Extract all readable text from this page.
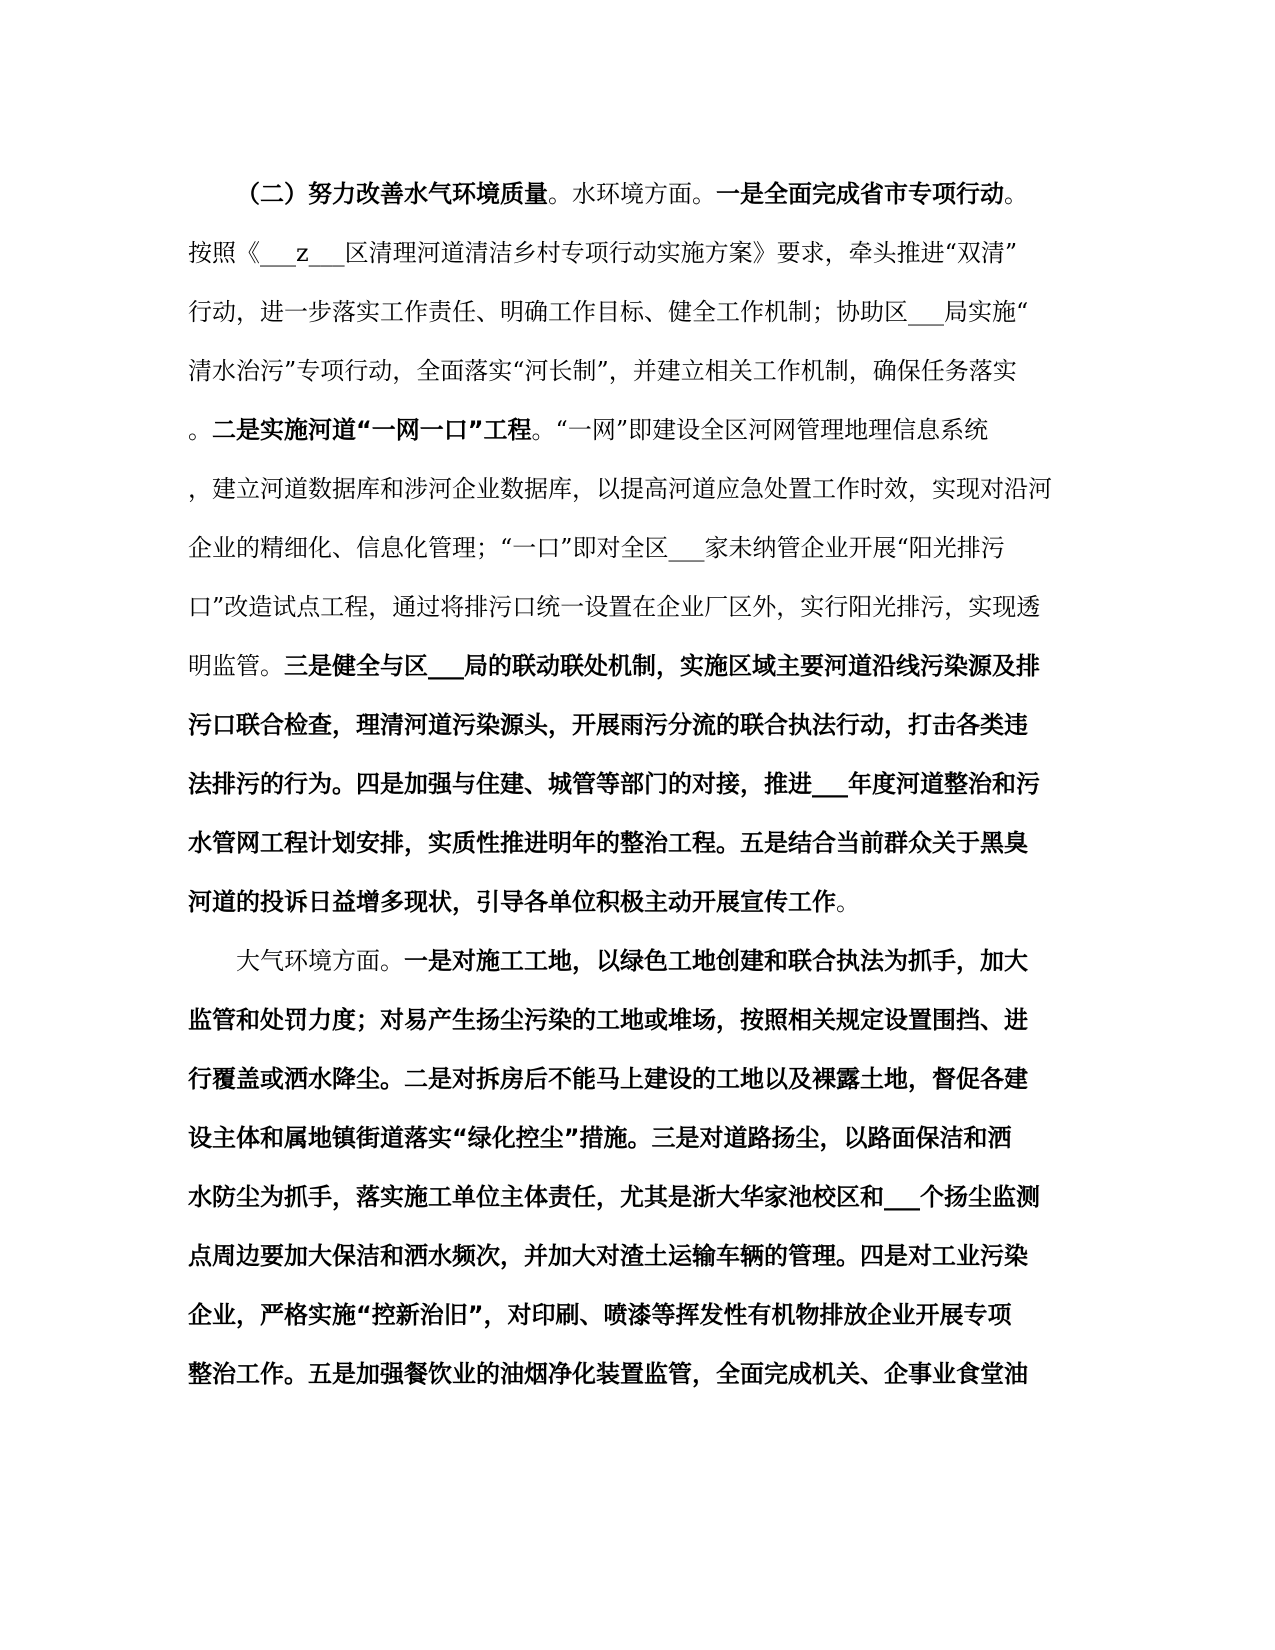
（二）努力改善水气环境质量。水环境方面。一是全面完成省市专项行动。
按照《___z___区清理河道清洁乡村专项行动实施方案》要求，牵头推进“双清”
行动，进一步落实工作责任、明确工作目标、健全工作机制；协助区___局实施“
清水治污”专项行动，全面落实“河长制”，并建立相关工作机制，确保任务落实
。二是实施河道“一网一口”工程。“一网”即建设全区河网管理地理信息系统
，建立河道数据库和涉河企业数据库，以提高河道应急处置工作时效，实现对沿河
企业的精细化、信息化管理；“一口”即对全区___家未纳管企业开展“阳光排污
口”改造试点工程，通过将排污口统一设置在企业厂区外，实行阳光排污，实现透
明监管。三是健全与区___局的联动联处机制，实施区域主要河道沿线污染源及排
污口联合检查，理清河道污染源头，开展雨污分流的联合执法行动，打击各类违
法排污的行为。四是加强与住建、城管等部门的对接，推进___年度河道整治和污
水管网工程计划安排，实质性推进明年的整治工程。五是结合当前群众关于黑臭
河道的投诉日益增多现状，引导各单位积极主动开展宣传工作。
大气环境方面。一是对施工工地，以绿色工地创建和联合执法为抓手，加大
监管和处罚力度；对易产生扬尘污染的工地或堆场，按照相关规定设置围挡、进
行覆盖或洒水降尘。二是对拆房后不能马上建设的工地以及裸露土地，督促各建
设主体和属地镇街道落实“绿化控尘”措施。三是对道路扬尘，以路面保洁和洒
水防尘为抓手，落实施工单位主体责任，尤其是浙大华家池校区和___个扬尘监测
点周边要加大保洁和洒水频次，并加大对渣土运输车辆的管理。四是对工业污染
企业，严格实施“控新治旧”，对印刷、喷漆等挥发性有机物排放企业开展专项
整治工作。五是加强餐饮业的油烟净化装置监管，全面完成机关、企事业食堂油
